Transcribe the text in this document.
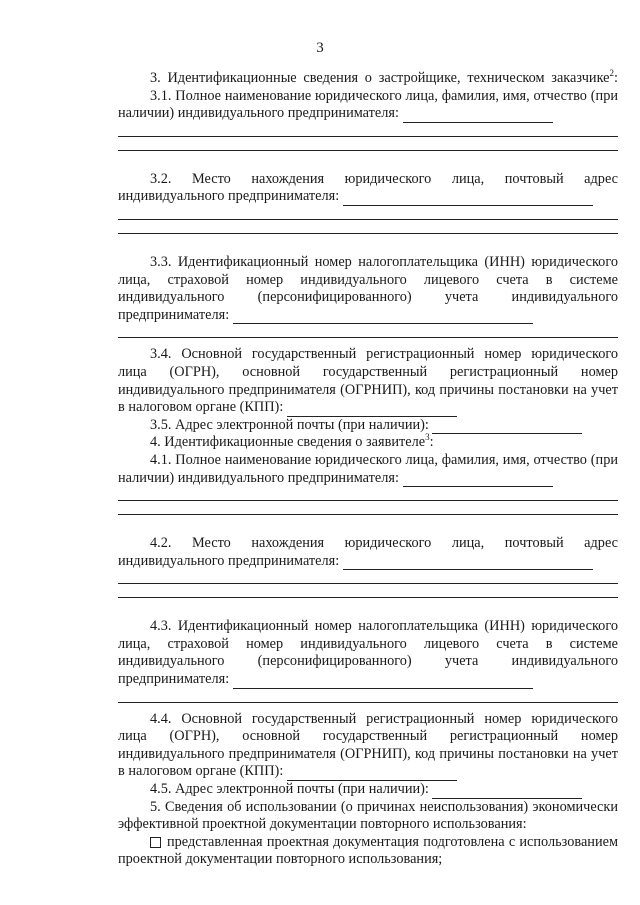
3
3. Идентификационные сведения о застройщике, техническом заказчике$^2$:
3.1. Полное наименование юридического лица, фамилия, имя, отчество (при наличии) индивидуального предпринимателя:
3.2. Место нахождения юридического лица, почтовый адрес индивидуального предпринимателя:
3.3. Идентификационный номер налогоплательщика (ИНН) юридического лица, страховой номер индивидуального лицевого счета в системе индивидуального (персонифицированного) учета индивидуального предпринимателя:
3.4. Основной государственный регистрационный номер юридического лица (ОГРН), основной государственный регистрационный номер индивидуального предпринимателя (ОГРНИП), код причины постановки на учет в налоговом органе (КПП):
3.5. Адрес электронной почты (при наличии):
4. Идентификационные сведения о заявителе$^3$:
4.1. Полное наименование юридического лица, фамилия, имя, отчество (при наличии) индивидуального предпринимателя:
4.2. Место нахождения юридического лица, почтовый адрес индивидуального предпринимателя:
4.3. Идентификационный номер налогоплательщика (ИНН) юридического лица, страховой номер индивидуального лицевого счета в системе индивидуального (персонифицированного) учета индивидуального предпринимателя:
4.4. Основной государственный регистрационный номер юридического лица (ОГРН), основной государственный регистрационный номер индивидуального предпринимателя (ОГРНИП), код причины постановки на учет в налоговом органе (КПП):
4.5. Адрес электронной почты (при наличии):
5. Сведения об использовании (о причинах неиспользования) экономически эффективной проектной документации повторного использования:
представленная проектная документация подготовлена с использованием проектной документации повторного использования;
